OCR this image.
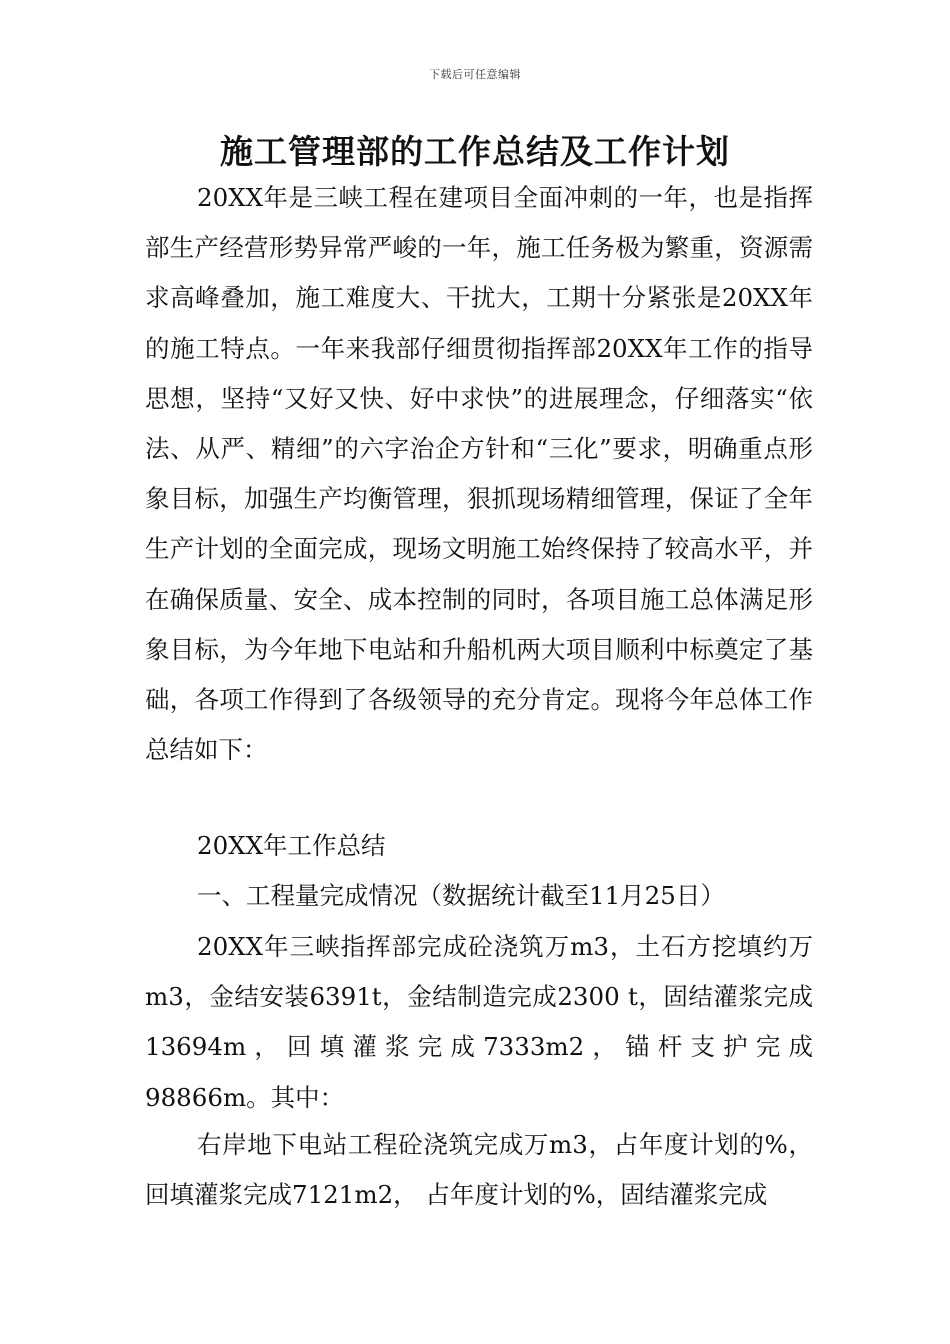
下载后可任意编辑
施工管理部的工作总结及工作计划

20XX年是三峡工程在建项目全面冲刺的一年，也是指挥部生产经营形势异常严峻的一年，施工任务极为繁重，资源需求高峰叠加，施工难度大、干扰大，工期十分紧张是20XX年的施工特点。一年来我部仔细贯彻指挥部20XX年工作的指导思想，坚持“又好又快、好中求快”的进展理念，仔细落实“依法、从严、精细”的六字治企方针和“三化”要求，明确重点形象目标，加强生产均衡管理，狠抓现场精细管理，保证了全年生产计划的全面完成，现场文明施工始终保持了较高水平，并在确保质量、安全、成本控制的同时，各项目施工总体满足形象目标，为今年地下电站和升船机两大项目顺利中标奠定了基础，各项工作得到了各级领导的充分肯定。现将今年总体工作总结如下：

20XX年工作总结

一、工程量完成情况（数据统计截至11月25日）

20XX年三峡指挥部完成砼浇筑万m3，土石方挖填约万m3，金结安装6391t，金结制造完成2300 t，固结灌浆完成13694m，回填灌浆完成7333m2，锚杆支护完成98866m。其中：

右岸地下电站工程砼浇筑完成万m3，占年度计划的%，回填灌浆完成7121m2， 占年度计划的%，固结灌浆完成
